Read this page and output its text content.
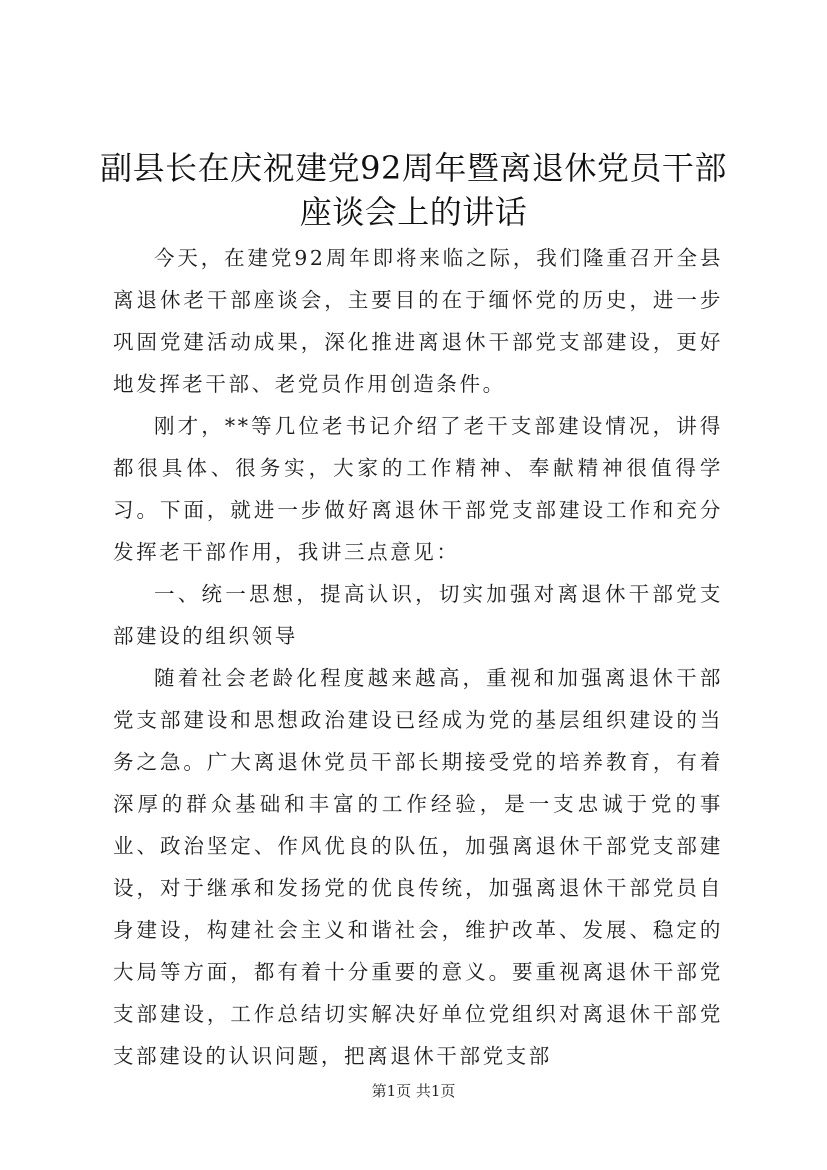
副县长在庆祝建党92周年暨离退休党员干部
座谈会上的讲话

今天，在建党92周年即将来临之际，我们隆重召开全县离退休老干部座谈会，主要目的在于缅怀党的历史，进一步巩固党建活动成果，深化推进离退休干部党支部建设，更好地发挥老干部、老党员作用创造条件。

刚才，**等几位老书记介绍了老干支部建设情况，讲得都很具体、很务实，大家的工作精神、奉献精神很值得学习。下面，就进一步做好离退休干部党支部建设工作和充分发挥老干部作用，我讲三点意见：

一、统一思想，提高认识，切实加强对离退休干部党支部建设的组织领导

随着社会老龄化程度越来越高，重视和加强离退休干部党支部建设和思想政治建设已经成为党的基层组织建设的当务之急。广大离退休党员干部长期接受党的培养教育，有着深厚的群众基础和丰富的工作经验，是一支忠诚于党的事业、政治坚定、作风优良的队伍，加强离退休干部党支部建设，对于继承和发扬党的优良传统，加强离退休干部党员自身建设，构建社会主义和谐社会，维护改革、发展、稳定的大局等方面，都有着十分重要的意义。要重视离退休干部党支部建设，工作总结切实解决好单位党组织对离退休干部党支部建设的认识问题，把离退休干部党支部

第1页 共1页
